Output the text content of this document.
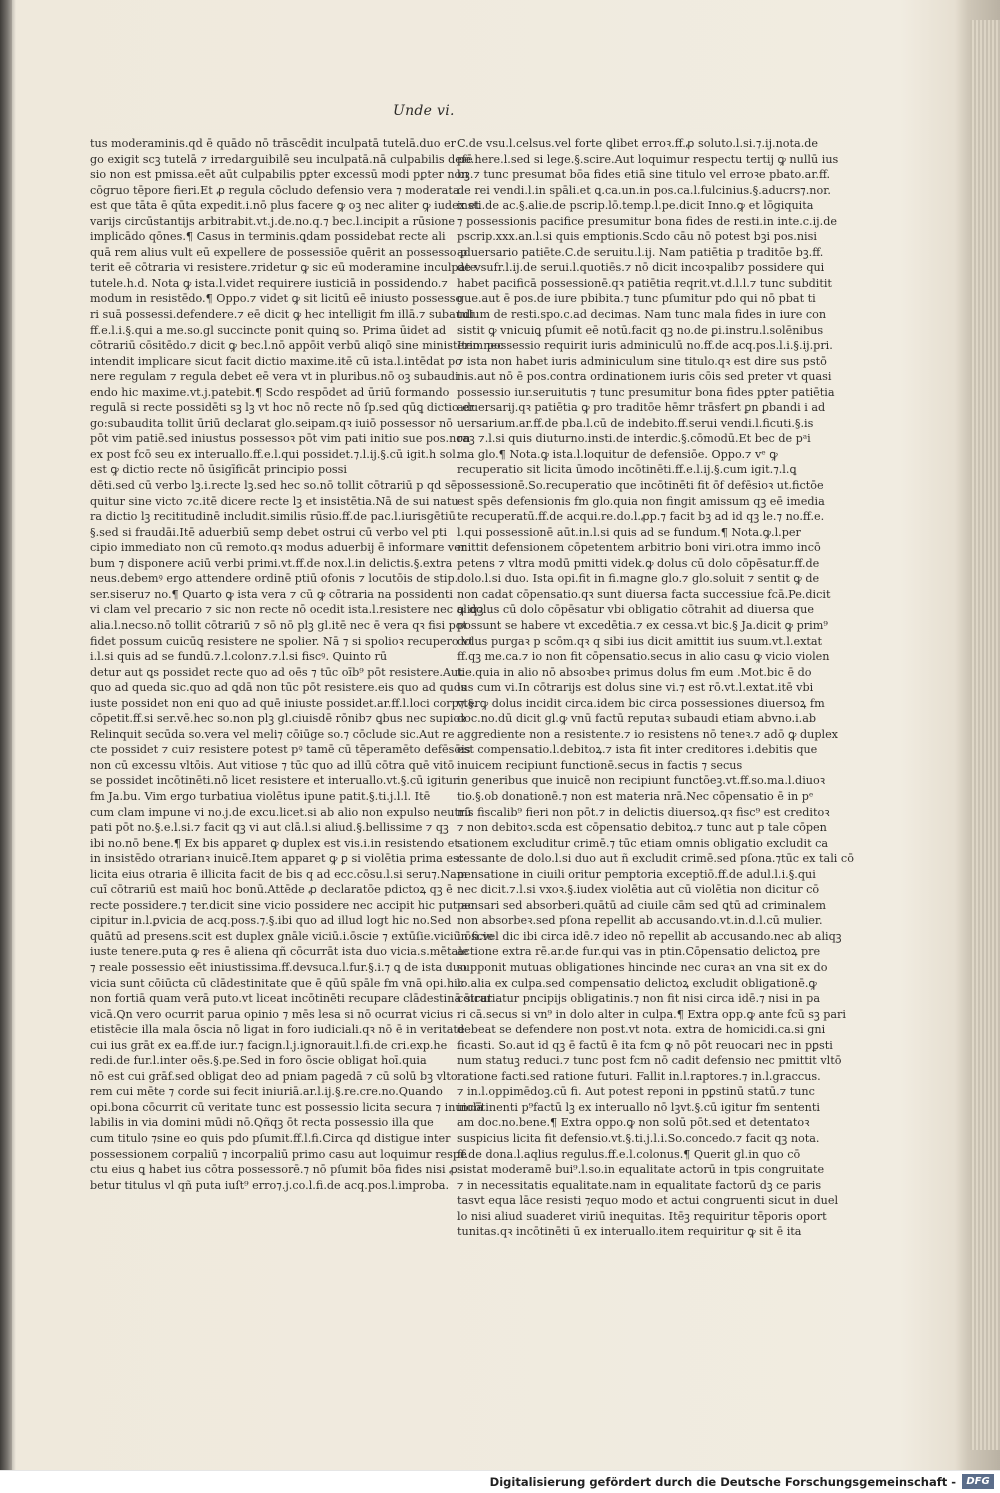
Unde vi.
tus moderaminis.qd ē quādo nō trāscēdit inculpatā tutelā.duo er
go exigit scꝫ tutelā ⁊ irredarguibilē seu inculpatā.nā culpabilis defē
sio non est pmissa.eēt aūt culpabilis pꝑter excessū modi pꝑter non
cōgruo tēpore fieri.Et ꝓ regula cōcludo defensio vera ⁊ moderata
est que tāta ē qūta expedit.i.nō plus facere ꝙ oꝫ nec aliter ꝙ iudex et
varijs circūstantijs arbitrabit.vt.j.de.no.q.⁊ bec.l.incipit a rūsione
implicādo qōnes.¶ Casus in terminis.ꝗdam possidebat recte ali
quā rem alius vult eū expellere de possessiōe quērit an possesso ꝑ
terit eē cōtraria vi resistere.⁊ridetur ꝙ sic eū moderamine inculpate
tutele.h.d. Nota ꝙ ista.l.videt requirere iusticiā in possidendo.⁊
modum in resistēdo.¶ Oppo.⁊ videt ꝙ sit licitū eē iniusto possesso
ri suā possessi.defendere.⁊ eē dicit ꝙ hec intelligit fm illā.⁊ subaudi
ff.e.l.i.§.qui a me.so.gl succincte ponit quinꝗ so. Prima ūidet ad
cōtrariū cōsitēdo.⁊ dicit ꝙ bec.l.nō appōit verbū aliqō sine ministerio nec
intendit implicare sicut facit dictio maxime.itē cū ista.l.intēdat po
nere regulam ⁊ regula debet eē vera vt in pluribus.nō oꝫ subaudi
endo hic maxime.vt.j.patebit.¶ Scdo respōdet ad ūriū formando
regulā si recte possidēti sꝫ lꝫ vt hoc nō recte nō ſp.sed qūꝗ dictio er
go:subaudita tollit ūriū declarat glo.seipam.qꝛ iuiō possessor nō
pōt vim patiē.sed iniustus possessoꝛ pōt vim pati initio sue pos.non
ex post fcō seu ex interuallo.ff.e.l.qui possidet.⁊.l.ij.§.cū igit.h sol.
est ꝙ dictio recte nō ūsigīficāt principio possi
dēti.sed cū verbo lꝫ.i.recte lꝫ.sed hec so.nō tollit cōtrariū p qd sē
quitur sine victo ⁊c.itē dicere recte lꝫ et insistētia.Nā de sui natu
ra dictio lꝫ recititudinē includit.similis rūsio.ff.de pac.l.iurisgētiū
§.sed si fraudāi.Itē aduerbiū semp debet ostrui cū verbo vel pti
cipio immediato non cū remoto.qꝛ modus aduerbij ē informare ver
bum ⁊ disponere aciū verbi primi.vt.ff.de nox.l.in delictis.§.extra
neus.debemꝰ ergo attendere ordinē ptiū ofonis ⁊ locutōis de stip.
ser.siseru⁊ no.¶ Quarto ꝙ ista vera ⁊ cū ꝙ cōtraria na possidenti
vi clam vel precario ⁊ sic non recte nō ocedit ista.l.resistere nec aliqꝫ
alia.l.necso.nō tollit cōtrariū ⁊ sō nō plꝫ gl.itē nec ē vera qꝛ fisi pot
fidet possum cuicūꝗ resistere ne spolier. Nā ⁊ si spolioꝛ recupero vt
i.l.si quis ad se fundū.⁊.l.colon⁊.⁊.l.si fiscꝰ. Quinto rū
detur aut ꝗs possidet recte quo ad oēs ⁊ tūc oīb⁹ pōt resistere.Aut
quo ad queda sic.quo ad ꝗdā non tūc pōt resistere.eis quo ad quos
iuste possidet non eni quo ad quē iniuste possidet.ar.ff.l.loci corp⁊.§.
cōpetit.ff.si ser.vē.hec so.non plꝫ gl.ciuisdē rōnib⁊ ꝗbus nec supioꝛ
Relinquit secūda so.vera vel meli⁊ cōiūge so.⁊ cōclude sic.Aut re
cte possidet ⁊ cui⁊ resistere potest pꝰ tamē cū tēperamēto defēsōis
non cū excessu vltōis. Aut vitiose ⁊ tūc quo ad illū cōtra quē vitō
se possidet incōtinēti.nō licet resistere et interuallo.vt.§.cū igitur
fm Ja.bu. Vim ergo turbatiua violētus ipune patit.§.ti.j.l.l. Itē
cum clam impune vi no.j.de excu.licet.si ab alio non expulso neutrū
pati pōt no.§.e.l.si.⁊ facit qꝫ vi aut clā.l.si aliud.§.bellissime ⁊ qꝫ
ibi no.nō bene.¶ Ex bis apparet ꝙ duplex est vis.i.in resistendo et
in insistēdo otrarianꝛ inuicē.Item apparet ꝙ ꝑ si violētia prima est
licita eius otraria ē illicita facit de bis q ad ecc.cōsu.l.si seru⁊.Nam
cuī cōtrariū est maiū hoc bonū.Attēde ꝓ declaratōe pdictoꝝ qꝫ ē
recte possidere.⁊ ter.dicit sine vicio possidere nec accipit hic put ac
cipitur in.l.ꝑvicia de acq.poss.⁊.§.ibi quo ad illud logt hic no.Sed
quātū ad presens.scit est duplex gnāle viciū.i.ōscie ⁊ extūſie.viciū ōscie
iuste tenere.puta ꝙ res ē aliena qñ cōcurrāt ista duo vicia.s.mētale
⁊ reale possessio eēt iniustissima.ff.devsuca.l.fur.§.i.⁊ ꝗ de ista duo
vicia sunt cōiūcta cū clādestinitate que ē qūū spāle fm vnā opi.hic
non fortiā quam verā puto.vt liceat incōtinēti recupare clādestinā sicut
vicā.Qn vero ocurrit parua opinio ⁊ mēs lesa si nō ocurrat vicius
etistēcie illa mala ōscia nō ligat in foro iudiciali.qꝛ nō ē in veritate
cui ius grāt ex ea.ff.de iur.⁊ facign.l.j.ignorauit.l.fi.de cri.exp.he
redi.de fur.l.inter oēs.§.pe.Sed in foro ōscie obligat hoī.quia
nō est cui grāf.sed obligat deo ad pniam pagedā ⁊ cū solū bꝫ vlto
rem cui mēte ⁊ corde sui fecit iniuriā.ar.l.ij.§.re.cre.no.Quando
opi.bona cōcurrit cū veritate tunc est possessio licita secura ⁊ inuiolā
labilis in via domini mūdi nō.Qñqꝫ ōt recta possessio illa que
cum titulo ⁊sine eo quis pdo pſumit.ff.l.fi.Circa qd distigue inter
possessionem corpaliū ⁊ incorpaliū primo casu aut loquimur respe
ctu eius ꝗ habet ius cōtra possessorē.⁊ nō pſumit bōa fides nisi ꝓ
betur titulus vl qñ puta iuſt⁹ erro⁊.j.co.l.fi.de acq.pos.l.improba.
C.de vsu.l.celsus.vel forte ꝗlibet erroꝛ.ff.ꝓ soluto.l.si.⁊.ij.nota.de
pe.here.l.sed si lege.§.scire.Aut loquimur respectu tertij ꝙ nullū ius
bꝫ.⁊ tunc presumat bōa fides etiā sine titulo vel erroꝛe pbato.ar.ff.
de rei vendi.l.in spāli.et ꝗ.ca.un.in pos.ca.l.fulcinius.§.aducrs⁊.nor.
insti.de ac.§.alie.de pscrip.lō.temp.l.pe.dicit Inno.ꝙ et lōgiquita
⁊ possessionis pacifice presumitur bona fides de resti.in inte.c.ij.de
pscrip.xxx.an.l.si quis emptionis.Scdo cāu nō potest bꝫi pos.nisi
aduersario patiēte.C.de seruitu.l.ij. Nam patiētia p traditōe bꝫ.ff.
de vsufr.l.ij.de serui.l.quotiēs.⁊ nō dicit incoꝛpalib⁊ possidere qui
habet pacificā possessionē.qꝛ patiētia reqrit.vt.d.l.l.⁊ tunc subditit
gue.aut ē pos.de iure pbibita.⁊ tunc pſumitur pdo qui nō pbat ti
tulum de resti.spo.c.ad decimas. Nam tunc mala fides in iure con
sistit ꝙ vnicuiꝗ pſumit eē notū.facit qꝫ no.de ꝑi.instru.l.solēnibus
Item possessio requirit iuris adminiculū no.ff.de acq.pos.l.i.§.ij.pri.
⁊ ista non habet iuris adminiculum sine titulo.qꝛ est dire sus pstō
nis.aut nō ē pos.contra ordinationem iuris cōis sed preter vt quasi
possessio iur.seruitutis ⁊ tunc presumitur bona fides pꝑter patiētia
aduersarij.qꝛ patiētia ꝙ pro traditōe hēmr trāsfert ꝑn ꝑbandi i ad
uersarium.ar.ff.de pba.l.cū de indebito.ff.serui vendi.l.ficuti.§.is
raꝫ ⁊.l.si quis diuturno.insti.de interdic.§.cōmodū.Et bec de pᵃi
ma glo.¶ Nota.ꝙ ista.l.loquitur de defensiōe. Oppo.⁊ vᵉ ꝙ
recuperatio sit licita ūmodo incōtinēti.ff.e.l.ij.§.cum igit.⁊.l.ꝗ
possessionē.So.recuperatio que incōtinēti fit ōf defēsioꝛ ut.fictōe
est spēs defensionis fm glo.quia non fingit amissum qꝫ eē imedia
te recuperatū.ff.de acqui.re.do.l.ꝓp.⁊ facit bꝫ ad id qꝫ le.⁊ no.ff.e.
l.qui possessionē aūt.in.l.si quis ad se fundum.¶ Nota.ꝙ.l.per
mittit defensionem cōpetentem arbitrio boni viri.otra immo incō
petens ⁊ vltra modū pmitti videk.ꝙ dolus cū dolo cōpēsatur.ff.de
dolo.l.si duo. Ista opi.fit in fi.magne glo.⁊ glo.soluit ⁊ sentit ꝙ de
non cadat cōpensatio.qꝛ sunt diuersa facta successiue fcā.Pe.dicit
ꝙ dolus cū dolo cōpēsatur vbi obligatio cōtrahit ad diuersa que
possunt se habere vt excedētia.⁊ ex cessa.vt bic.§ Ja.dicit ꝙ prim⁹
dolus purgaꝛ p scōm.qꝛ q sibi ius dicit amittit ius suum.vt.l.extat
ff.qꝫ me.ca.⁊ io non fit cōpensatio.secus in alio casu ꝙ vicio violen
tie.quia in alio nō absoꝛbeꝛ primus dolus fm eum .Mot.bic ē do
lus cum vi.In cōtrarijs est dolus sine vi.⁊ est rō.vt.l.extat.itē vbi
vterꝙ dolus incidit circa.idem bic circa possessiones diuersoꝝ fm
doc.no.dū dicit gl.ꝙ vnū factū reputaꝛ subaudi etiam abvno.i.ab
aggrediente non a resistente.⁊ io resistens nō teneꝛ.⁊ adō ꝙ duplex
est compensatio.l.debitoꝝ.⁊ ista fit inter creditores i.debitis que
inuicem recipiunt functionē.secus in factis ⁊ secus
in generibus que inuicē non recipiunt functōeꝫ.vt.ff.so.ma.l.diuoꝛ
tio.§.ob donationē.⁊ non est materia nrā.Nec cōpensatio ē in pᵉ
nis fiscalib⁹ fieri non pōt.⁊ in delictis diuersoꝝ.qꝛ fisc⁹ est creditoꝛ
⁊ non debitoꝛ.scda est cōpensatio debitoꝝ.⁊ tunc aut p tale cōpen
sationem excluditur crimē.⁊ tūc etiam omnis obligatio excludit ca
cessante de dolo.l.si duo aut ñ excludit crimē.sed pſona.⁊tūc ex tali cō
pensatione in ciuili oritur pemptoria exceptiō.ff.de adul.l.i.§.qui
nec dicit.⁊.l.si vxoꝛ.§.iudex violētia aut cū violētia non dicitur cō
pensari sed absorberi.quātū ad ciuile cām sed ꝗtū ad criminalem
non absorbeꝛ.sed pſona repellit ab accusando.vt.in.d.l.cū mulier.
in fi.vel dic ibi circa idē.⁊ ideo nō repellit ab accusando.nec ab aliqꝫ
actione extra rē.ar.de fur.qui vas in ptin.Cōpensatio delictoꝝ pre
supponit mutuas obligationes hincinde nec curaꝛ an vna sit ex do
lo.alia ex culpa.sed compensatio delictoꝝ excludit obligationē.ꝙ
cōtrariatur pncipijs obligatinis.⁊ non fit nisi circa idē.⁊ nisi in pa
ri cā.secus si vn⁹ in dolo alter in culpa.¶ Extra opp.ꝙ ante fcū sꝫ pari
debeat se defendere non post.vt nota. extra de homicidi.ca.si gni
ficasti. So.aut id qꝫ ē factū ē ita fcm ꝙ nō pōt reuocari nec in pꝑsti
num statuꝫ reduci.⁊ tunc post fcm nō cadit defensio nec pmittit vltō
ratione facti.sed ratione futuri. Fallit in.l.raptores.⁊ in.l.graccus.
⁊ in.l.oppimēdoꝫ.cū fi. Aut potest reponi in pꝑstinū statū.⁊ tunc
incōtinenti p⁹factū lꝫ ex interuallo nō lꝫvt.§.cū igitur fm sententi
am doc.no.bene.¶ Extra oppo.ꝙ non solū pōt.sed et detentatoꝛ
suspicius licita fit defensio.vt.§.ti.j.l.i.So.concedo.⁊ facit qꝫ nota.
ff.de dona.l.aqlius regulus.ff.e.l.colonus.¶ Querit gl.in quo cō
sistat moderamē bui⁹.l.so.in equalitate actorū in tpis congruitate
⁊ in necessitatis equalitate.nam in equalitate factorū dꝫ ce paris
tasvt equa lāce resisti ⁊equo modo et actui congruenti sicut in duel
lo nisi aliud suaderet viriū inequitas. Itēꝫ requiritur tēporis oport
tunitas.qꝛ incōtinēti ū ex interuallo.item requiritur ꝙ sit ē ita
Digitalisierung gefördert durch die Deutsche Forschungsgemeinschaft -	DFG
